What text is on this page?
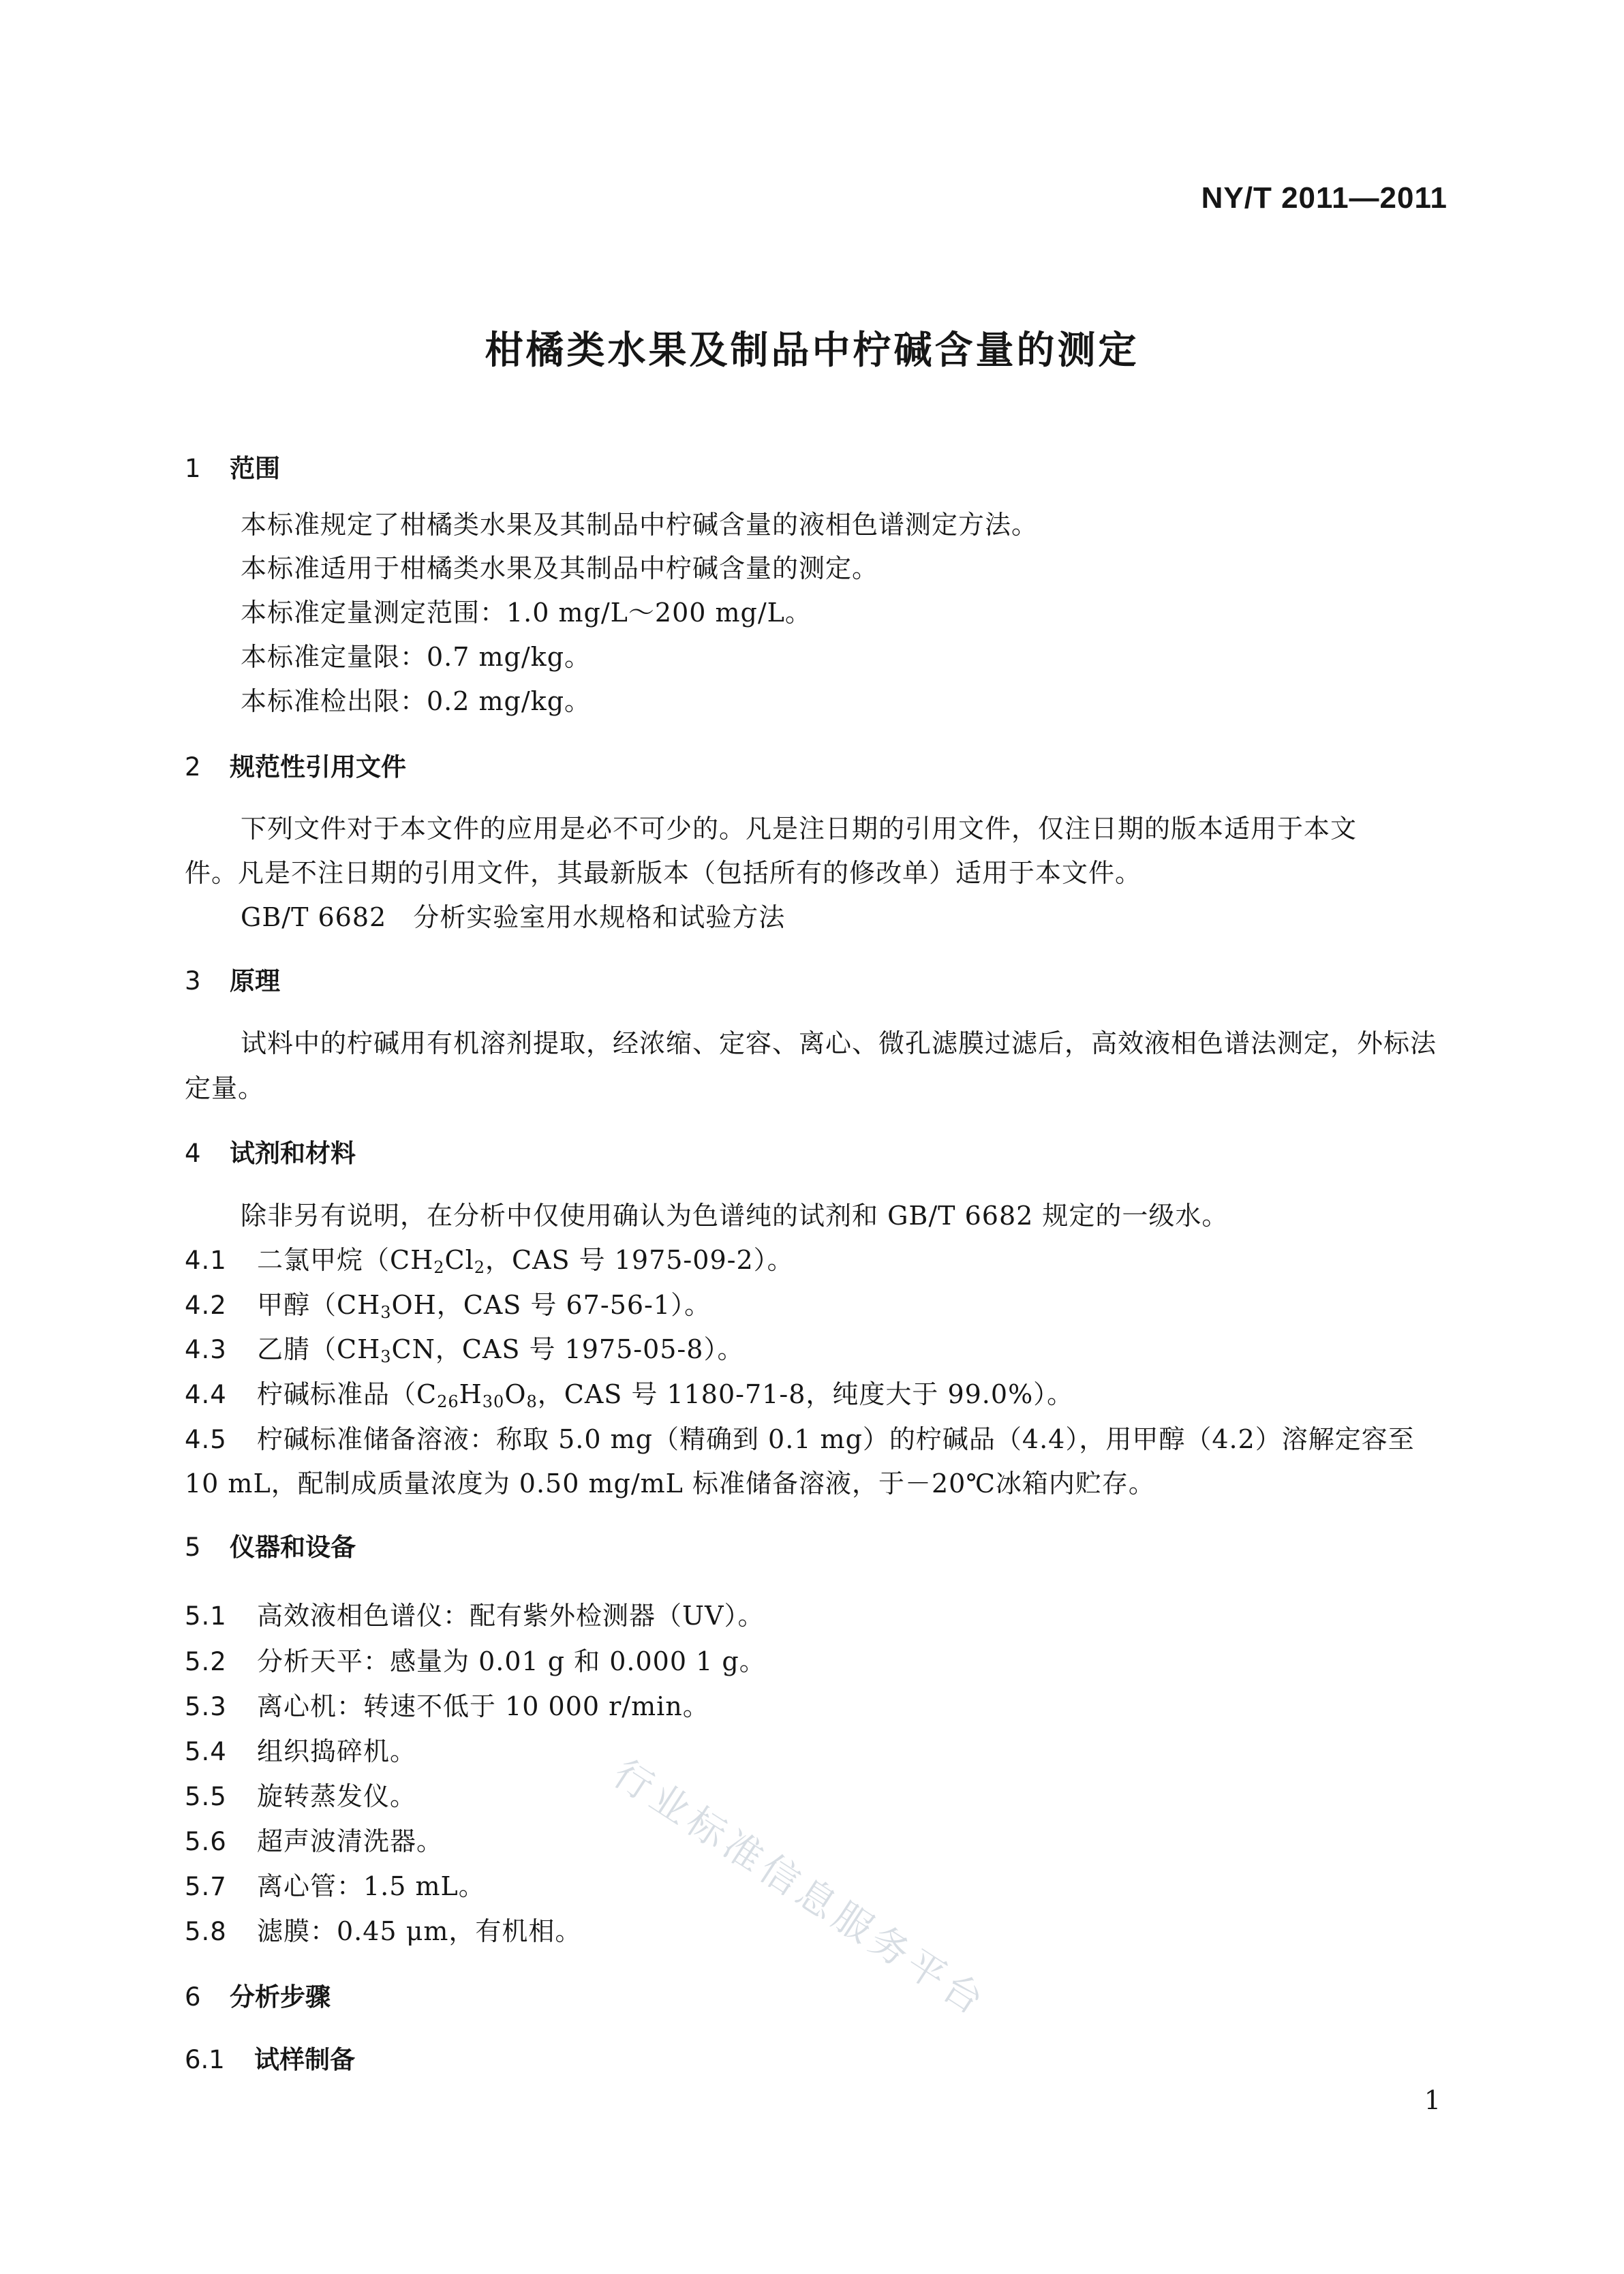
NY/T 2011—2011
柑橘类水果及制品中柠碱含量的测定
1 范围
本标准规定了柑橘类水果及其制品中柠碱含量的液相色谱测定方法。
本标准适用于柑橘类水果及其制品中柠碱含量的测定。
本标准定量测定范围：1.0 mg/L～200 mg/L。
本标准定量限：0.7 mg/kg。
本标准检出限：0.2 mg/kg。
2 规范性引用文件
下列文件对于本文件的应用是必不可少的。凡是注日期的引用文件，仅注日期的版本适用于本文
件。凡是不注日期的引用文件，其最新版本（包括所有的修改单）适用于本文件。
GB/T 6682　分析实验室用水规格和试验方法
3 原理
试料中的柠碱用有机溶剂提取，经浓缩、定容、离心、微孔滤膜过滤后，高效液相色谱法测定，外标法
定量。
4 试剂和材料
除非另有说明，在分析中仅使用确认为色谱纯的试剂和 GB/T 6682 规定的一级水。
4.1 二氯甲烷（$CH_2Cl_2$，CAS 号 1975-09-2）。
4.2 甲醇（$CH_3OH$，CAS 号 67-56-1）。
4.3 乙腈（$CH_3CN$，CAS 号 1975-05-8）。
4.4 柠碱标准品（$C_{26}H_{30}O_8$，CAS 号 1180-71-8，纯度大于 99.0%）。
4.5 柠碱标准储备溶液：称取 5.0 mg（精确到 0.1 mg）的柠碱品（4.4），用甲醇（4.2）溶解定容至
10 mL，配制成质量浓度为 0.50 mg/mL 标准储备溶液，于－20℃冰箱内贮存。
5 仪器和设备
5.1 高效液相色谱仪：配有紫外检测器（UV）。
5.2 分析天平：感量为 0.01 g 和 0.000 1 g。
5.3 离心机：转速不低于 10 000 r/min。
5.4 组织捣碎机。
5.5 旋转蒸发仪。
5.6 超声波清洗器。
5.7 离心管：1.5 mL。
5.8 滤膜：0.45 μm，有机相。
6 分析步骤
6.1 试样制备
行业标准信息服务平台
1
